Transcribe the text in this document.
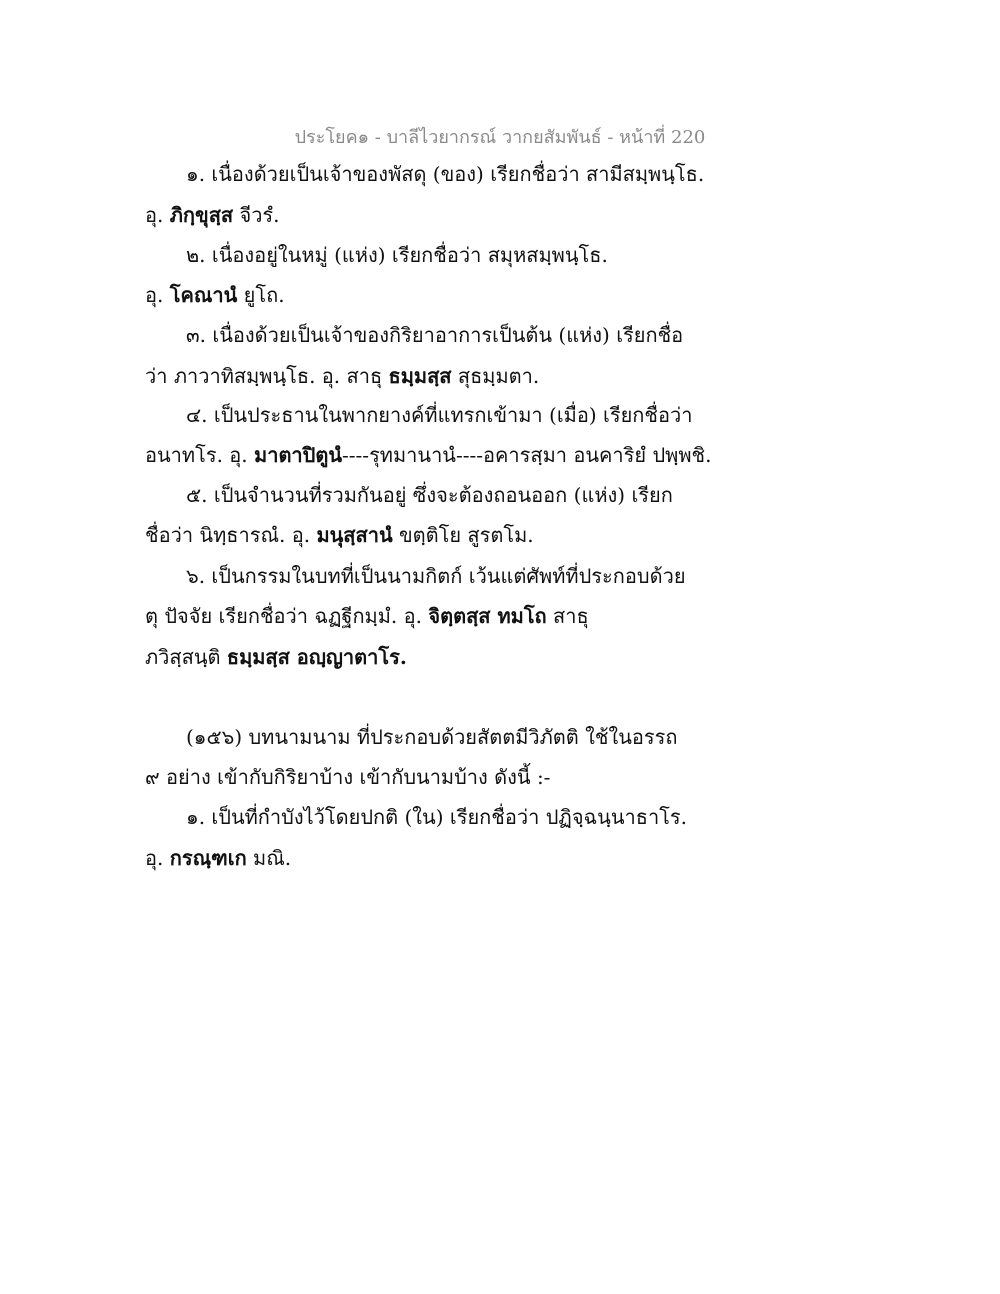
ประโยค๑ - บาลีไวยากรณ์ วากยสัมพันธ์ - หน้าที่ 220
๑. เนื่องด้วยเป็นเจ้าของพัสดุ (ของ) เรียกชื่อว่า สามีสมฺพนฺโธ.
อุ. ภิกฺขุสฺส จีวรํ.
๒. เนื่องอยู่ในหมู่ (แห่ง) เรียกชื่อว่า สมุหสมฺพนฺโธ.
อุ. โคณานํ ยูโถ.
๓. เนื่องด้วยเป็นเจ้าของกิริยาอาการเป็นต้น (แห่ง) เรียกชื่อ
ว่า ภาวาทิสมฺพนฺโธ. อุ. สาธุ ธมฺมสฺส สุธมฺมตา.
๔. เป็นประธานในพากยางค์ที่แทรกเข้ามา (เมื่อ) เรียกชื่อว่า
อนาทโร. อุ. มาตาปิตูนํ----รุทมานานํ----อคารสฺมา อนคาริยํ ปพฺพชิ.
๕. เป็นจำนวนที่รวมกันอยู่ ซึ่งจะต้องถอนออก (แห่ง) เรียก
ชื่อว่า นิทฺธารณํ. อุ. มนุสฺสานํ ขตฺติโย สูรตโม.
๖. เป็นกรรมในบทที่เป็นนามกิตก์ เว้นแต่ศัพท์ที่ประกอบด้วย
ตุ ปัจจัย เรียกชื่อว่า ฉฏฐีกมฺมํ. อุ. จิตฺตสฺส ทมโถ สาธุ
ภวิสฺสนฺติ ธมฺมสฺส อญฺญาตาโร.
(๑๕๖) บทนามนาม ที่ประกอบด้วยสัตตมีวิภัตติ ใช้ในอรรถ
๙ อย่าง เข้ากับกิริยาบ้าง เข้ากับนามบ้าง ดังนี้ :-
๑. เป็นที่กำบังไว้โดยปกติ (ใน) เรียกชื่อว่า ปฏิจฺฉนฺนาธาโร.
อุ. กรณฺฑเก มณิ.
